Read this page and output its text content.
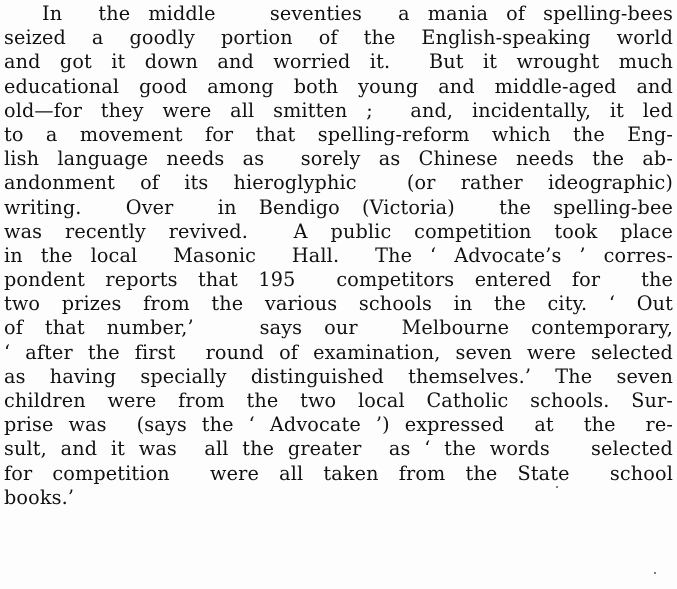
In  the middle   seventies  a mania of spelling-bees
seized a goodly portion of the English-speaking world
and got it down and worried it.  But it wrought much
educational good among both young and middle-aged and
old—for they were all smitten ;  and, incidentally, it led
to a movement for that spelling-reform which the Eng-
lish language needs as  sorely as Chinese needs the ab-
andonment of its hieroglyphic  (or rather ideographic)
writing.  Over  in Bendigo (Victoria)  the spelling-bee
was recently revived.  A public competition took place
in the local  Masonic  Hall.  The ‘ Advocate’s ’ corres-
pondent reports that 195  competitors entered for  the
two prizes from the various schools in the city. ‘ Out
of that number,’   says our  Melbourne contemporary,
‘ after the first  round of examination, seven were selected
as having specially distinguished themselves.’ The seven
children were from the two local Catholic schools. Sur-
prise was  (says the ‘ Advocate ’) expressed  at  the  re-
sult, and it was  all the greater  as ‘ the words   selected
for competition  were all taken from the State  school
books.’
